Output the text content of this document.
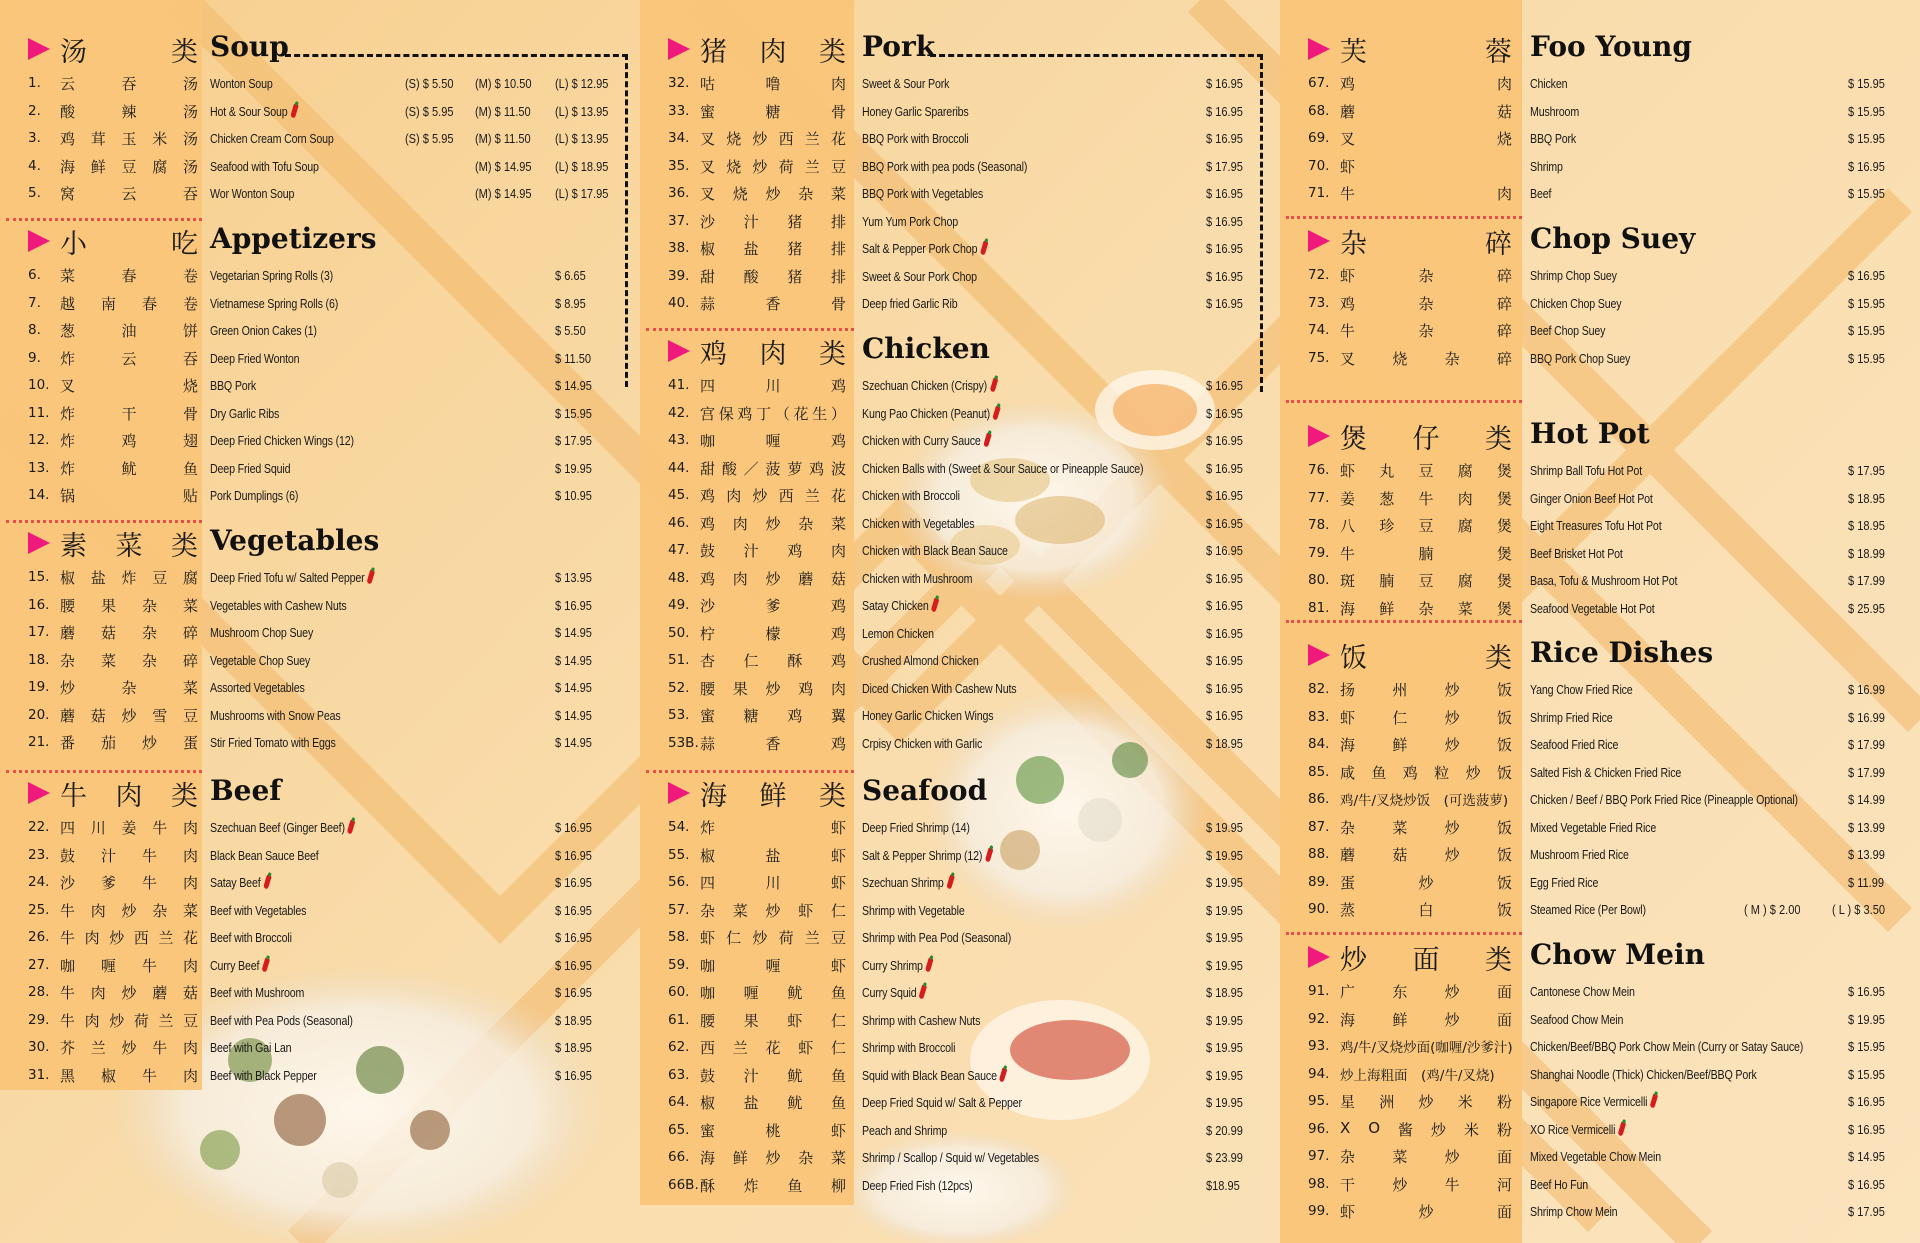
汤	类 Soup
1.	云	吞	汤 Wonton Soup	(S) $ 5.50 (M) $ 10.50 (L) $ 12.95
2.	酸	辣	汤 Hot & Sour Soup	(S) $ 5.95 (M) $ 11.50 (L) $ 13.95
3.	鸡 茸 玉 米 汤 Chicken Cream Corn Soup	(S) $ 5.95 (M) $ 11.50 (L) $ 13.95
4.	海 鲜 豆 腐 汤 Seafood with Tofu Soup	(M) $ 14.95 (L) $ 18.95
5.	窝	云	吞 Wor Wonton Soup	(M) $ 14.95 (L) $ 17.95
小	吃 Appetizers
6.	菜	春	卷 Vegetarian Spring Rolls (3)	$ 6.65
7.	越 南 春 卷 Vietnamese Spring Rolls (6)	$ 8.95
8.	葱	油	饼 Green Onion Cakes (1)	$ 5.50
9.	炸	云	吞 Deep Fried Wonton	$ 11.50
10. 叉	烧 BBQ Pork	$ 14.95
11. 炸	干	骨 Dry Garlic Ribs	$ 15.95
12. 炸	鸡	翅 Deep Fried Chicken Wings (12)	$ 17.95
13. 炸	鱿	鱼 Deep Fried Squid	$ 19.95
14. 锅	贴 Pork Dumplings (6)	$ 10.95
素 菜 类 Vegetables
15. 椒 盐 炸 豆 腐 Deep Fried Tofu w/ Salted Pepper	$ 13.95
16. 腰 果 杂 菜 Vegetables with Cashew Nuts	$ 16.95
17. 蘑 菇 杂 碎 Mushroom Chop Suey	$ 14.95
18. 杂 菜 杂 碎 Vegetable Chop Suey	$ 14.95
19. 炒	杂	菜 Assorted Vegetables	$ 14.95
20. 蘑 菇 炒 雪 豆 Mushrooms with Snow Peas	$ 14.95
21. 番 茄 炒 蛋 Stir Fried Tomato with Eggs	$ 14.95
牛 肉 类 Beef
22. 四 川 姜 牛 肉 Szechuan Beef (Ginger Beef)	$ 16.95
23. 鼓 汁 牛 肉 Black Bean Sauce Beef	$ 16.95
24. 沙 爹 牛 肉 Satay Beef	$ 16.95
25. 牛 肉 炒 杂 菜 Beef with Vegetables	$ 16.95
26. 牛 肉 炒 西 兰 花 Beef with Broccoli	$ 16.95
27. 咖 喱 牛 肉 Curry Beef	$ 16.95
28. 牛 肉 炒 蘑 菇 Beef with Mushroom	$ 16.95
29. 牛 肉 炒 荷 兰 豆 Beef with Pea Pods (Seasonal)	$ 18.95
30. 芥 兰 炒 牛 肉 Beef with Gai Lan	$ 18.95
31. 黑 椒 牛 肉 Beef with Black Pepper	$ 16.95
猪 肉 类 Pork
32. 咕	噜	肉 Sweet & Sour Pork	$ 16.95
33. 蜜	糖	骨 Honey Garlic Spareribs	$ 16.95
34. 叉 烧 炒 西 兰 花 BBQ Pork with Broccoli	$ 16.95
35. 叉 烧 炒 荷 兰 豆 BBQ Pork with pea pods (Seasonal)	$ 17.95
36. 叉 烧 炒 杂 菜 BBQ Pork with Vegetables	$ 16.95
37. 沙 汁 猪 排 Yum Yum Pork Chop	$ 16.95
38. 椒 盐 猪 排 Salt & Pepper Pork Chop	$ 16.95
39. 甜 酸 猪 排 Sweet & Sour Pork Chop	$ 16.95
40. 蒜	香	骨 Deep fried Garlic Rib	$ 16.95
鸡 肉 类 Chicken
41. 四	川	鸡 Szechuan Chicken (Crispy)	$ 16.95
42. 宫 保 鸡 丁 （ 花 生 ） Kung Pao Chicken (Peanut)	$ 16.95
43. 咖	喱	鸡 Chicken with Curry Sauce	$ 16.95
44. 甜 酸 ／ 菠 萝 鸡 波 Chicken Balls with (Sweet & Sour Sauce or Pineapple Sauce)	$ 16.95
45. 鸡 肉 炒 西 兰 花 Chicken with Broccoli	$ 16.95
46. 鸡 肉 炒 杂 菜 Chicken with Vegetables	$ 16.95
47. 鼓 汁 鸡 肉 Chicken with Black Bean Sauce	$ 16.95
48. 鸡 肉 炒 蘑 菇 Chicken with Mushroom	$ 16.95
49. 沙	爹	鸡 Satay Chicken	$ 16.95
50. 柠	檬	鸡 Lemon Chicken	$ 16.95
51. 杏 仁 酥 鸡 Crushed Almond Chicken	$ 16.95
52. 腰 果 炒 鸡 肉 Diced Chicken With Cashew Nuts	$ 16.95
53. 蜜 糖 鸡 翼 Honey Garlic Chicken Wings	$ 16.95
53B. 蒜	香	鸡 Crpisy Chicken with Garlic	$ 18.95
海 鲜 类 Seafood
54. 炸	虾 Deep Fried Shrimp (14)	$ 19.95
55. 椒	盐	虾 Salt & Pepper Shrimp (12)	$ 19.95
56. 四	川	虾 Szechuan Shrimp	$ 19.95
57. 杂 菜 炒 虾 仁 Shrimp with Vegetable	$ 19.95
58. 虾 仁 炒 荷 兰 豆 Shrimp with Pea Pod (Seasonal)	$ 19.95
59. 咖	喱	虾 Curry Shrimp	$ 19.95
60. 咖 喱 鱿 鱼 Curry Squid	$ 18.95
61. 腰 果 虾 仁 Shrimp with Cashew Nuts	$ 19.95
62. 西 兰 花 虾 仁 Shrimp with Broccoli	$ 19.95
63. 鼓 汁 鱿 鱼 Squid with Black Bean Sauce	$ 19.95
64. 椒 盐 鱿 鱼 Deep Fried Squid w/ Salt & Pepper	$ 19.95
65. 蜜	桃	虾 Peach and Shrimp	$ 20.99
66. 海 鲜 炒 杂 菜 Shrimp / Scallop / Squid w/ Vegetables	$ 23.99
66B. 酥 炸 鱼 柳 Deep Fried Fish (12pcs)	$18.95
芙	蓉 Foo Young
67. 鸡	肉 Chicken	$ 15.95
68. 蘑	菇 Mushroom	$ 15.95
69. 叉	烧 BBQ Pork	$ 15.95
70. 虾	Shrimp	$ 16.95
71. 牛	肉 Beef	$ 15.95
杂	碎 Chop Suey
72. 虾	杂	碎 Shrimp Chop Suey	$ 16.95
73. 鸡	杂	碎 Chicken Chop Suey	$ 15.95
74. 牛	杂	碎 Beef Chop Suey	$ 15.95
75. 叉 烧 杂 碎 BBQ Pork Chop Suey	$ 15.95
煲 仔 类 Hot Pot
76. 虾 丸 豆 腐 煲 Shrimp Ball Tofu Hot Pot	$ 17.95
77. 姜 葱 牛 肉 煲 Ginger Onion Beef Hot Pot	$ 18.95
78. 八 珍 豆 腐 煲 Eight Treasures Tofu Hot Pot	$ 18.95
79. 牛	腩	煲 Beef Brisket Hot Pot	$ 18.99
80. 斑 腩 豆 腐 煲 Basa, Tofu & Mushroom Hot Pot	$ 17.99
81. 海 鲜 杂 菜 煲 Seafood Vegetable Hot Pot	$ 25.95
饭	类 Rice Dishes
82. 扬 州 炒 饭 Yang Chow Fried Rice	$ 16.99
83. 虾 仁 炒 饭 Shrimp Fried Rice	$ 16.99
84. 海 鲜 炒 饭 Seafood Fried Rice	$ 17.99
85. 咸 鱼 鸡 粒 炒 饭 Salted Fish & Chicken Fried Rice	$ 17.99
86. 鸡/牛/叉烧炒饭　(可选菠萝) Chicken / Beef / BBQ Pork Fried Rice (Pineapple Optional)	$ 14.99
87. 杂 菜 炒 饭 Mixed Vegetable Fried Rice	$ 13.99
88. 蘑 菇 炒 饭 Mushroom Fried Rice	$ 13.99
89. 蛋	炒	饭 Egg Fried Rice	$ 11.99
90. 蒸	白	饭 Steamed Rice (Per Bowl)	( M ) $ 2.00 ( L ) $ 3.50
炒 面 类 Chow Mein
91. 广 东 炒 面 Cantonese Chow Mein	$ 16.95
92. 海 鲜 炒 面 Seafood Chow Mein	$ 19.95
93. 鸡/牛/叉烧炒面(咖喱/沙爹汁) Chicken/Beef/BBQ Pork Chow Mein (Curry or Satay Sauce)	$ 15.95
94. 炒上海粗面　(鸡/牛/叉烧)	Shanghai Noodle (Thick) Chicken/Beef/BBQ Pork	$ 15.95
95. 星 洲 炒 米 粉 Singapore Rice Vermicelli	$ 16.95
96. X O 酱 炒 米 粉 XO Rice Vermicelli	$ 16.95
97. 杂 菜 炒 面 Mixed Vegetable Chow Mein	$ 14.95
98. 干 炒 牛 河 Beef Ho Fun	$ 16.95
99. 虾	炒	面 Shrimp Chow Mein	$ 17.95
